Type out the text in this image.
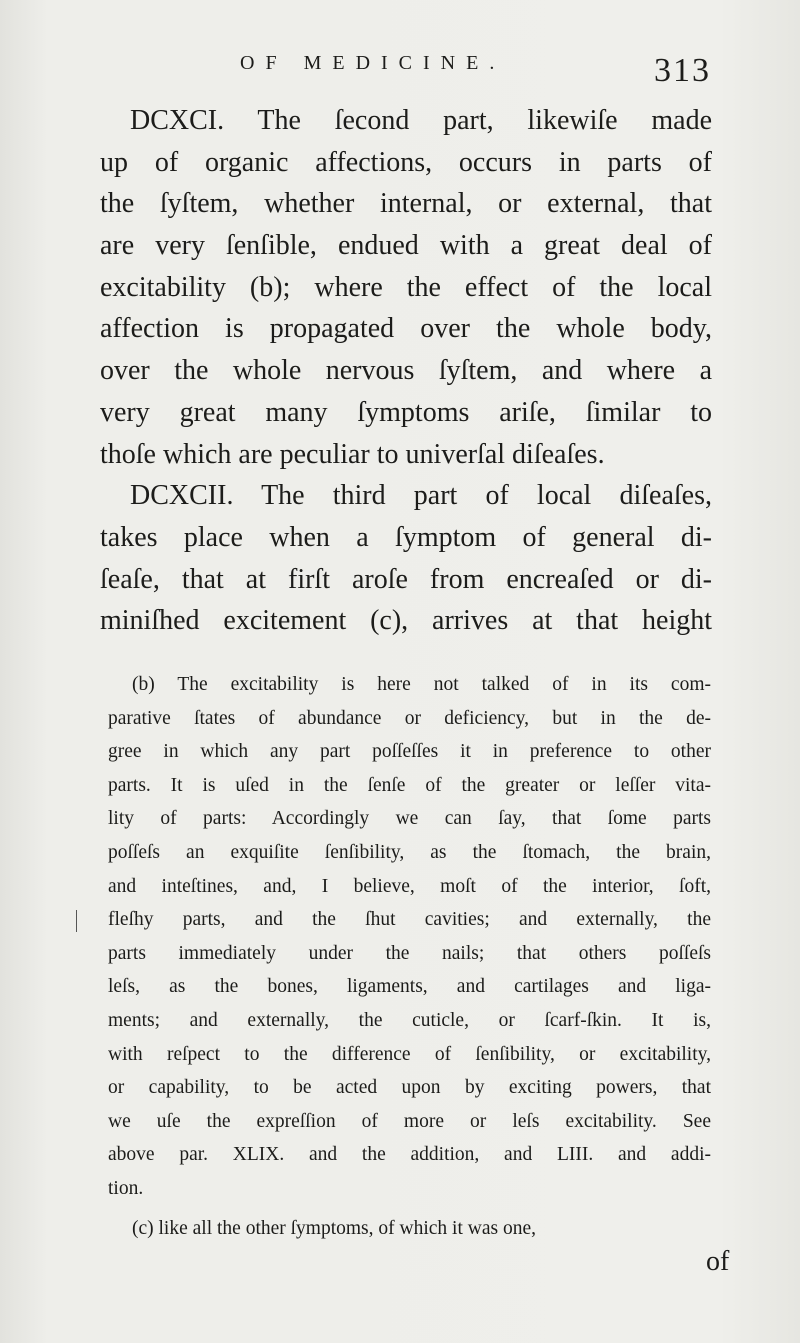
OF MEDICINE.	313
DCXCI. The ſecond part, likewiſe made
up of organic affections, occurs in parts of
the ſyſtem, whether internal, or external, that
are very ſenſible, endued with a great deal of
excitability (b); where the effect of the local
affection is propagated over the whole body,
over the whole nervous ſyſtem, and where a
very great many ſymptoms ariſe, ſimilar to
thoſe which are peculiar to univerſal diſeaſes.
DCXCII. The third part of local diſeaſes,
takes place when a ſymptom of general di-
ſeaſe, that at firſt aroſe from encreaſed or di-
miniſhed excitement (c), arrives at that height
(b) The excitability is here not talked of in its com-
parative ſtates of abundance or deficiency, but in the de-
gree in which any part poſſeſſes it in preference to other
parts. It is uſed in the ſenſe of the greater or leſſer vita-
lity of parts: Accordingly we can ſay, that ſome parts
poſſeſs an exquiſite ſenſibility, as the ſtomach, the brain,
and inteſtines, and, I believe, moſt of the interior, ſoft,
fleſhy parts, and the ſhut cavities; and externally, the
parts immediately under the nails; that others poſſeſs
leſs, as the bones, ligaments, and cartilages and liga-
ments; and externally, the cuticle, or ſcarf-ſkin. It is,
with reſpect to the difference of ſenſibility, or excitability,
or capability, to be acted upon by exciting powers, that
we uſe the expreſſion of more or leſs excitability. See
above par. XLIX. and the addition, and LIII. and addi-
tion.
(c) like all the other ſymptoms, of which it was one,
of
